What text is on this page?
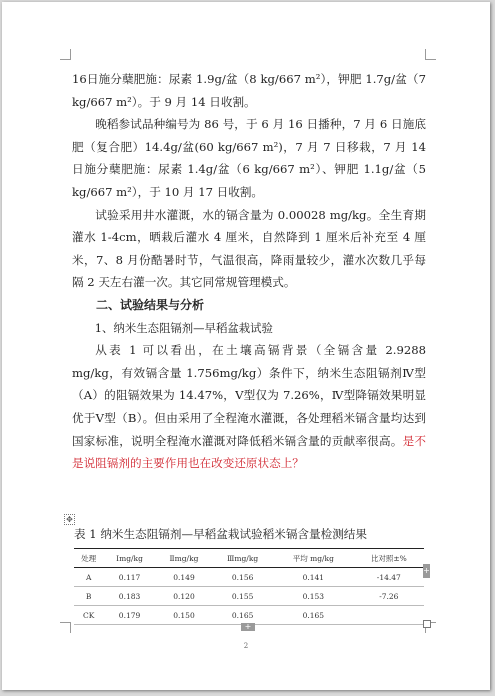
16日施分蘖肥施：尿素 1.9g/盆（8 kg/667 m²），钾肥 1.7g/盆（7 kg/667 m²）。于 9 月 14 日收割。

晚稻参试品种编号为 86 号，于 6 月 16 日播种，7 月 6 日施底肥（复合肥）14.4g/盆(60 kg/667 m²)，7 月 7 日移栽，7 月 14 日施分蘖肥施：尿素 1.4g/盆（6 kg/667 m²）、钾肥 1.1g/盆（5 kg/667 m²），于 10 月 17 日收割。

试验采用井水灌溉，水的镉含量为 0.00028 mg/kg。全生育期灌水 1-4cm，晒栽后灌水 4 厘米，自然降到 1 厘米后补充至 4 厘米，7、8 月份酷暑时节，气温很高，降雨量较少，灌水次数几乎每隔 2 天左右灌一次。其它同常规管理模式。

二、试验结果与分析

1、纳米生态阻镉剂—早稻盆栽试验

从表 1 可以看出，在土壤高镉背景（全镉含量 2.9288 mg/kg，有效镉含量 1.756mg/kg）条件下，纳米生态阻镉剂Ⅳ型（A）的阻镉效果为 14.47%，Ⅴ型仅为 7.26%，Ⅳ型降镉效果明显优于Ⅴ型（B）。但由采用了全程淹水灌溉，各处理稻米镉含量均达到国家标准，说明全程淹水灌溉对降低稻米镉含量的贡献率很高。是不是说阻镉剂的主要作用也在改变还原状态上？

✥
表 1 纳米生态阻镉剂—早稻盆栽试验稻米镉含量检测结果
处理	Ⅰmg/kg	Ⅱmg/kg	Ⅲmg/kg	平均 mg/kg	比对照±%
A	0.117	0.149	0.156	0.141	-14.47
B	0.183	0.120	0.155	0.153	-7.26
CK	0.179	0.150	0.165	0.165	
+
+
2
